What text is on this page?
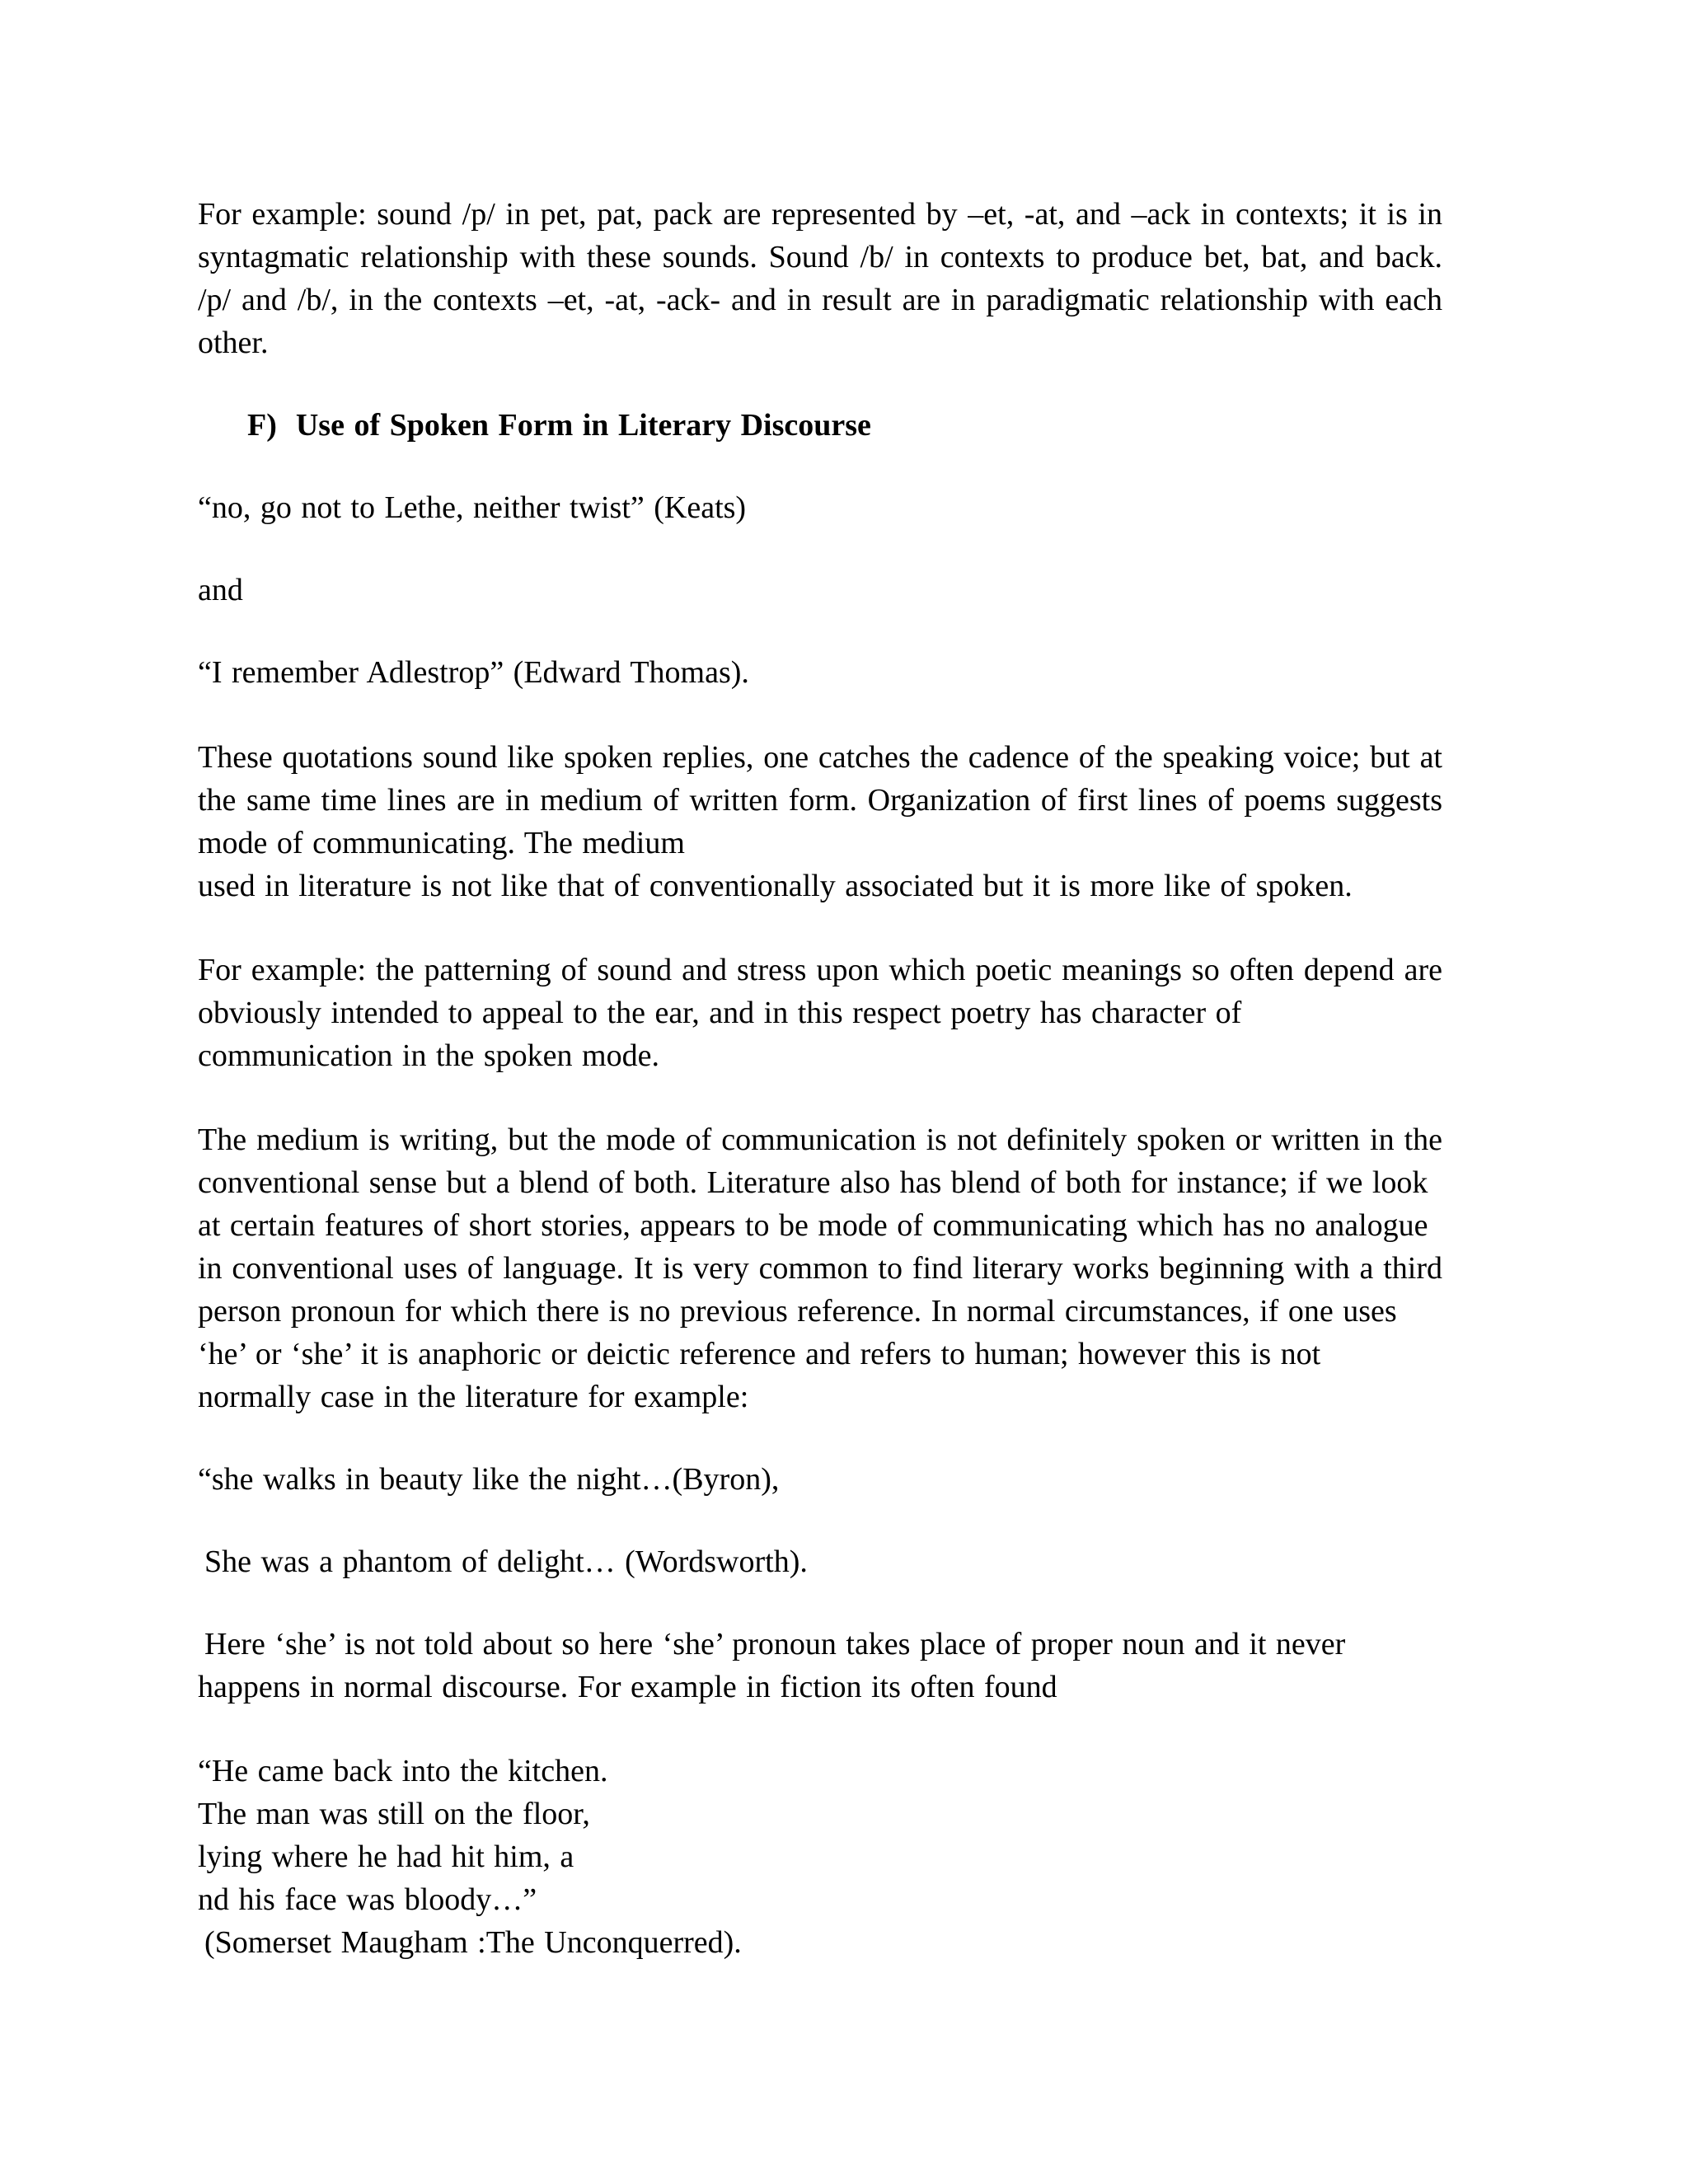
For example: sound /p/ in pet, pat, pack are represented by –et, -at, and –ack in contexts; it is in
syntagmatic relationship with these sounds. Sound /b/ in contexts to produce bet, bat, and back.
/p/ and /b/, in the contexts –et, -at, -ack- and in result are in paradigmatic relationship with each
other.
F)  Use of Spoken Form in Literary Discourse
“no, go not to Lethe, neither twist” (Keats)
and
“I remember Adlestrop” (Edward Thomas).
These quotations sound like spoken replies, one catches the cadence of the speaking voice; but at
the same time lines are in medium of written form. Organization of first lines of poems suggests
mode of communicating. The medium
used in literature is not like that of conventionally associated but it is more like of spoken.
For example: the patterning of sound and stress upon which poetic meanings so often depend are
obviously intended to appeal to the ear, and in this respect poetry has character of
communication in the spoken mode.
The medium is writing, but the mode of communication is not definitely spoken or written in the
conventional sense but a blend of both. Literature also has blend of both for instance; if we look
at certain features of short stories, appears to be mode of communicating which has no analogue
in conventional uses of language. It is very common to find literary works beginning with a third
person pronoun for which there is no previous reference. In normal circumstances, if one uses
‘he’ or ‘she’ it is anaphoric or deictic reference and refers to human; however this is not
normally case in the literature for example:
“she walks in beauty like the night…(Byron),
She was a phantom of delight… (Wordsworth).
Here ‘she’ is not told about so here ‘she’ pronoun takes place of proper noun and it never
happens in normal discourse. For example in fiction its often found
“He came back into the kitchen.
The man was still on the floor,
lying where he had hit him, a
nd his face was bloody…”
(Somerset Maugham :The Unconquerred).
